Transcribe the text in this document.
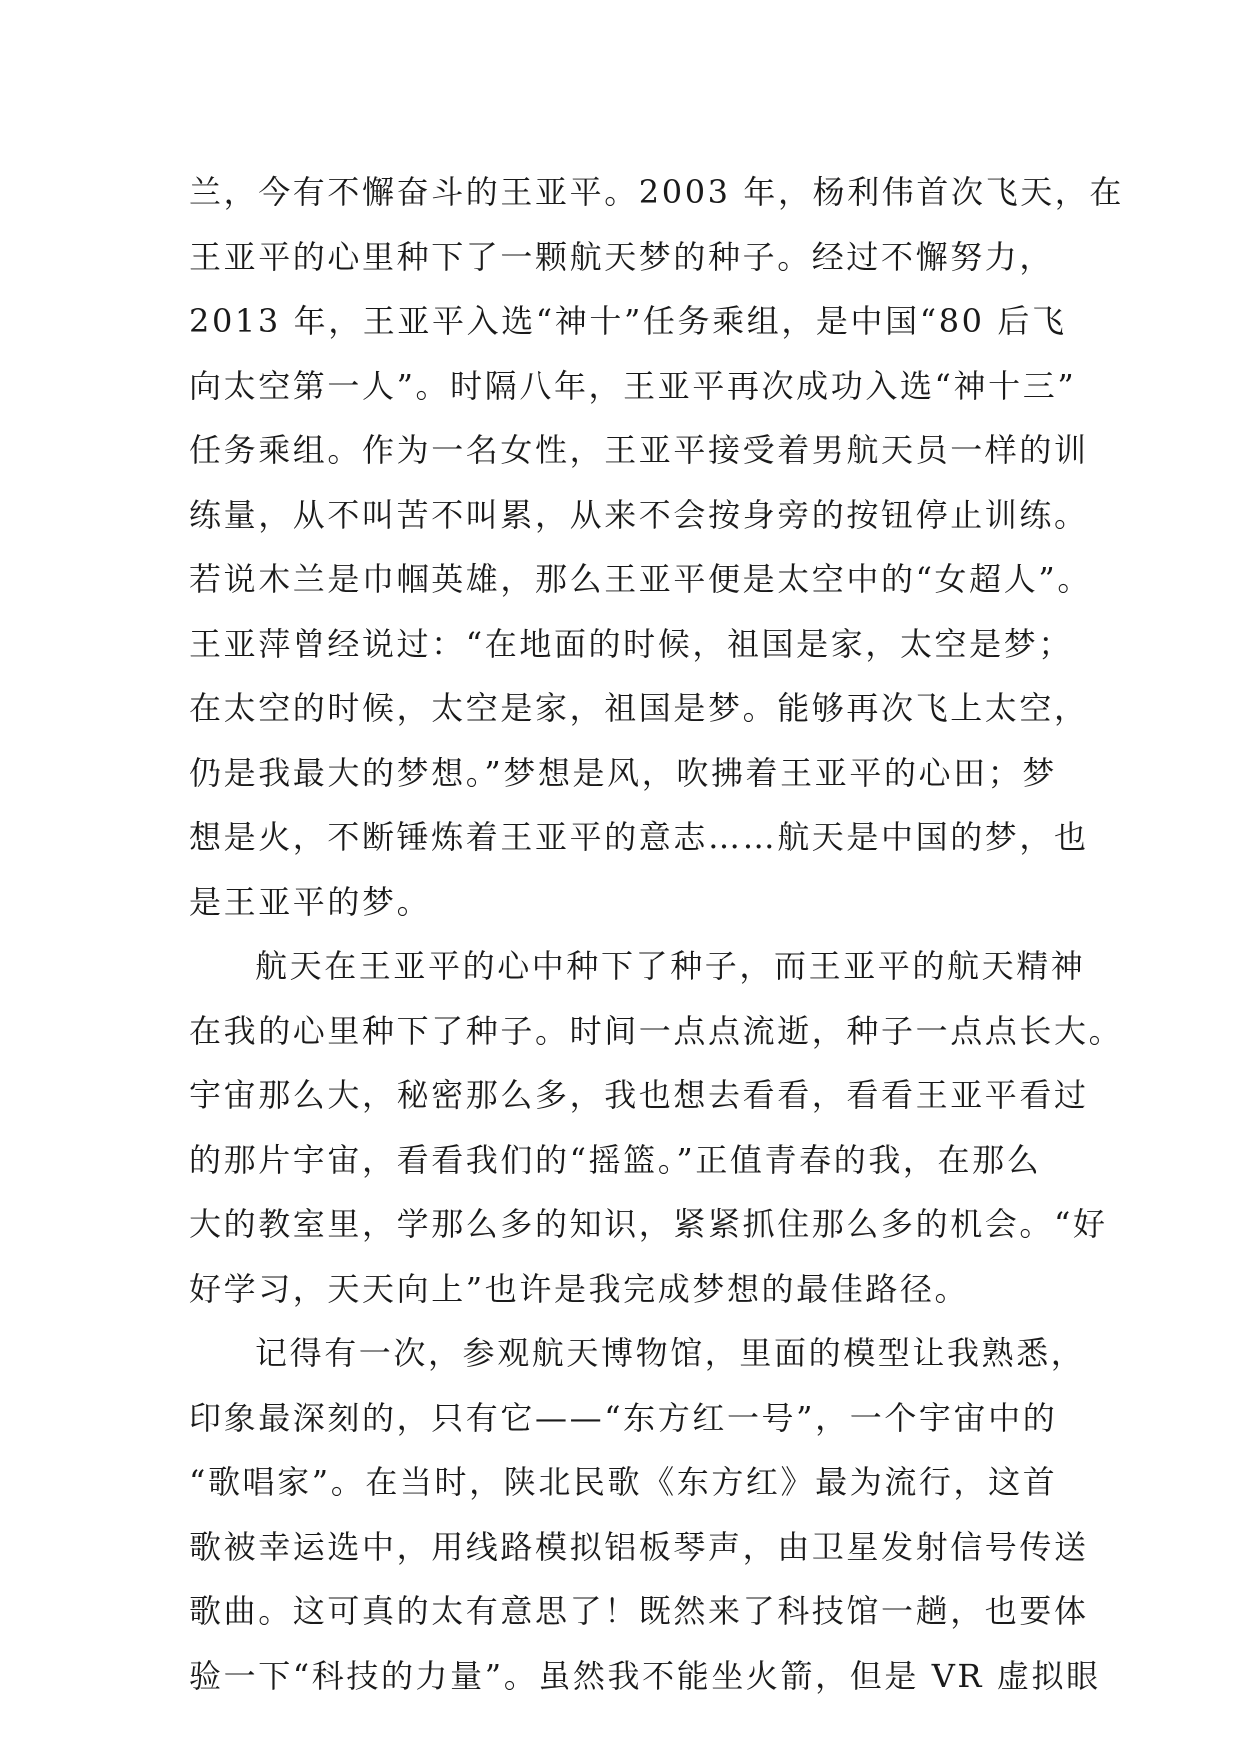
兰，今有不懈奋斗的王亚平。2003 年，杨利伟首次飞天，在
王亚平的心里种下了一颗航天梦的种子。经过不懈努力，
2013 年，王亚平入选“神十”任务乘组，是中国“80 后飞
向太空第一人”。时隔八年，王亚平再次成功入选“神十三”
任务乘组。作为一名女性，王亚平接受着男航天员一样的训
练量，从不叫苦不叫累，从来不会按身旁的按钮停止训练。
若说木兰是巾帼英雄，那么王亚平便是太空中的“女超人”。
王亚萍曾经说过：“在地面的时候，祖国是家，太空是梦；
在太空的时候，太空是家，祖国是梦。能够再次飞上太空，
仍是我最大的梦想。”梦想是风，吹拂着王亚平的心田；梦
想是火，不断锤炼着王亚平的意志……航天是中国的梦，也
是王亚平的梦。
航天在王亚平的心中种下了种子，而王亚平的航天精神
在我的心里种下了种子。时间一点点流逝，种子一点点长大。
宇宙那么大，秘密那么多，我也想去看看，看看王亚平看过
的那片宇宙，看看我们的“摇篮。”正值青春的我，在那么
大的教室里，学那么多的知识，紧紧抓住那么多的机会。“好
好学习，天天向上”也许是我完成梦想的最佳路径。
记得有一次，参观航天博物馆，里面的模型让我熟悉，
印象最深刻的，只有它——“东方红一号”，一个宇宙中的
“歌唱家”。在当时，陕北民歌《东方红》最为流行，这首
歌被幸运选中，用线路模拟铝板琴声，由卫星发射信号传送
歌曲。这可真的太有意思了！既然来了科技馆一趟，也要体
验一下“科技的力量”。虽然我不能坐火箭，但是 VR 虚拟眼
